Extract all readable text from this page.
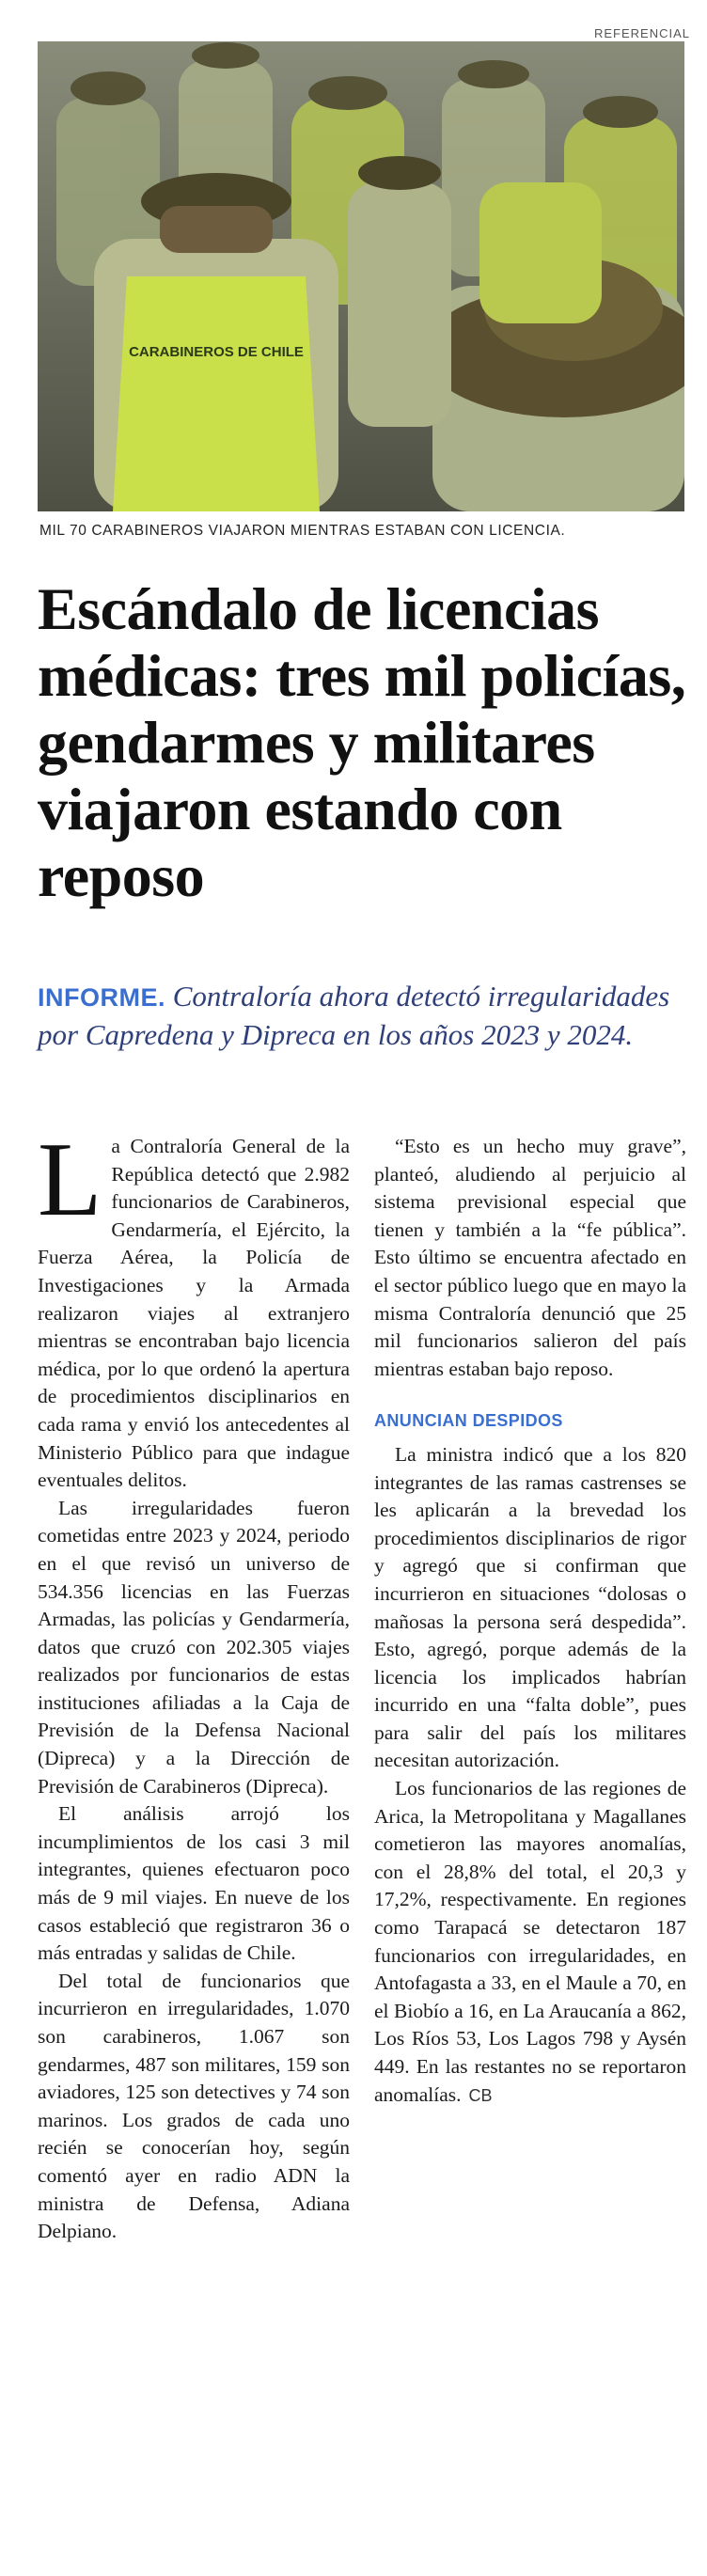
REFERENCIAL
CARABINEROS DE CHILE
MIL 70 CARABINEROS VIAJARON MIENTRAS ESTABAN CON LICENCIA.
Escándalo de licencias médicas: tres mil policías, gendarmes y militares viajaron estando con reposo
INFORME. Contraloría ahora detectó irregularidades por Capredena y Dipreca en los años 2023 y 2024.

La Contraloría General de la República detectó que 2.982 funcionarios de Carabineros, Gendarmería, el Ejército, la Fuerza Aérea, la Policía de Investigaciones y la Armada realizaron viajes al extranjero mientras se encontraban bajo licencia médica, por lo que ordenó la apertura de procedimientos disciplinarios en cada rama y envió los antecedentes al Ministerio Público para que indague eventuales delitos.

Las irregularidades fueron cometidas entre 2023 y 2024, periodo en el que revisó un universo de 534.356 licencias en las Fuerzas Armadas, las policías y Gendarmería, datos que cruzó con 202.305 viajes realizados por funcionarios de estas instituciones afiliadas a la Caja de Previsión de la Defensa Nacional (Dipreca) y a la Dirección de Previsión de Carabineros (Dipreca).

El análisis arrojó los incumplimientos de los casi 3 mil integrantes, quienes efectuaron poco más de 9 mil viajes. En nueve de los casos estableció que registraron 36 o más entradas y salidas de Chile.

Del total de funcionarios que incurrieron en irregularidades, 1.070 son carabineros, 1.067 son gendarmes, 487 son militares, 159 son aviadores, 125 son detectives y 74 son marinos. Los grados de cada uno recién se conocerían hoy, según comentó ayer en radio ADN la ministra de Defensa, Adiana Delpiano.

“Esto es un hecho muy grave”, planteó, aludiendo al perjuicio al sistema previsional especial que tienen y también a la “fe pública”. Esto último se encuentra afectado en el sector público luego que en mayo la misma Contraloría denunció que 25 mil funcionarios salieron del país mientras estaban bajo reposo.

ANUNCIAN DESPIDOS

La ministra indicó que a los 820 integrantes de las ramas castrenses se les aplicarán a la brevedad los procedimientos disciplinarios de rigor y agregó que si confirman que incurrieron en situaciones “dolosas o mañosas la persona será despedida”. Esto, agregó, porque además de la licencia los implicados habrían incurrido en una “falta doble”, pues para salir del país los militares necesitan autorización.

Los funcionarios de las regiones de Arica, la Metropolitana y Magallanes cometieron las mayores anomalías, con el 28,8% del total, el 20,3 y 17,2%, respectivamente. En regiones como Tarapacá se detectaron 187 funcionarios con irregularidades, en Antofagasta a 33, en el Maule a 70, en el Biobío a 16, en La Araucanía a 862, Los Ríos 53, Los Lagos 798 y Aysén 449. En las restantes no se reportaron anomalías. CB
